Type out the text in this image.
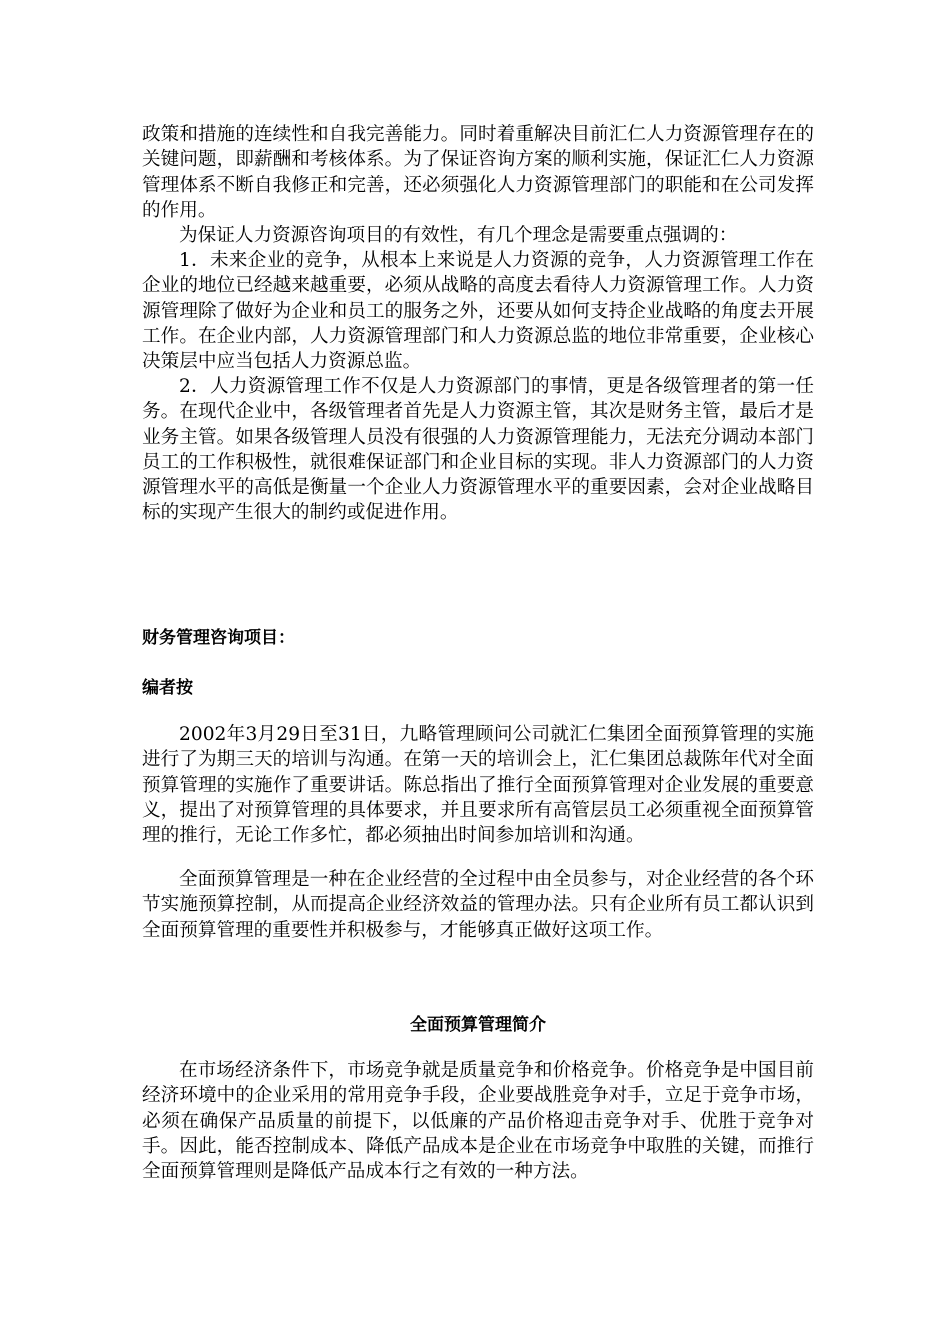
政策和措施的连续性和自我完善能力。同时着重解决目前汇仁人力资源管理存在的关键问题，即薪酬和考核体系。为了保证咨询方案的顺利实施，保证汇仁人力资源管理体系不断自我修正和完善，还必须强化人力资源管理部门的职能和在公司发挥的作用。

为保证人力资源咨询项目的有效性，有几个理念是需要重点强调的：

1．未来企业的竞争，从根本上来说是人力资源的竞争，人力资源管理工作在企业的地位已经越来越重要，必须从战略的高度去看待人力资源管理工作。人力资源管理除了做好为企业和员工的服务之外，还要从如何支持企业战略的角度去开展工作。在企业内部，人力资源管理部门和人力资源总监的地位非常重要，企业核心决策层中应当包括人力资源总监。

2．人力资源管理工作不仅是人力资源部门的事情，更是各级管理者的第一任务。在现代企业中，各级管理者首先是人力资源主管，其次是财务主管，最后才是业务主管。如果各级管理人员没有很强的人力资源管理能力，无法充分调动本部门员工的工作积极性，就很难保证部门和企业目标的实现。非人力资源部门的人力资源管理水平的高低是衡量一个企业人力资源管理水平的重要因素，会对企业战略目标的实现产生很大的制约或促进作用。

财务管理咨询项目：
编者按

2002年3月29日至31日，九略管理顾问公司就汇仁集团全面预算管理的实施进行了为期三天的培训与沟通。在第一天的培训会上，汇仁集团总裁陈年代对全面预算管理的实施作了重要讲话。陈总指出了推行全面预算管理对企业发展的重要意义，提出了对预算管理的具体要求，并且要求所有高管层员工必须重视全面预算管理的推行，无论工作多忙，都必须抽出时间参加培训和沟通。

全面预算管理是一种在企业经营的全过程中由全员参与，对企业经营的各个环节实施预算控制，从而提高企业经济效益的管理办法。只有企业所有员工都认识到全面预算管理的重要性并积极参与，才能够真正做好这项工作。

全面预算管理简介

在市场经济条件下，市场竞争就是质量竞争和价格竞争。价格竞争是中国目前经济环境中的企业采用的常用竞争手段，企业要战胜竞争对手，立足于竞争市场，必须在确保产品质量的前提下，以低廉的产品价格迎击竞争对手、优胜于竞争对手。因此，能否控制成本、降低产品成本是企业在市场竞争中取胜的关键，而推行全面预算管理则是降低产品成本行之有效的一种方法。
